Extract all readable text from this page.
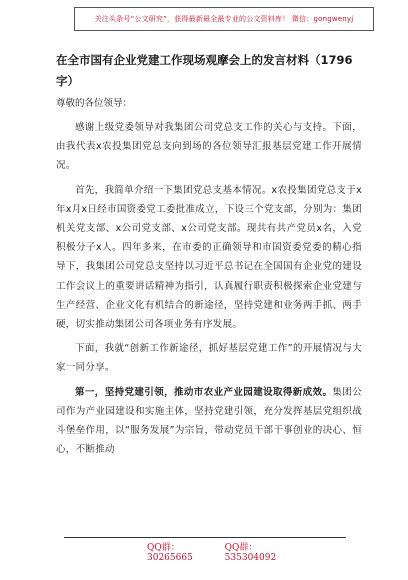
关注头条号“公文研究”，获得最新最全最专业的公文资料库！ 微信：gongwenyj

在全市国有企业党建工作现场观摩会上的发言材料（1796字）

尊敬的各位领导：

感谢上级党委领导对我集团公司党总支工作的关心与支持。下面，由我代表x农投集团党总支向到场的各位领导汇报基层党建工作开展情况。

首先，我简单介绍一下集团党总支基本情况。x农投集团党总支于x年x月x日经市国资委党工委批准成立，下设三个党支部，分别为：集团机关党支部、x公司党支部、x公司党支部。现共有共产党员x名，入党积极分子x人。四年多来，在市委的正确领导和市国资委党委的精心指导下，我集团公司党总支坚持以习近平总书记在全国国有企业党的建设工作会议上的重要讲话精神为指引，认真履行职责积极探索企业党建与生产经营、企业文化有机结合的新途径，坚持党建和业务两手抓、两手硬，切实推动集团公司各项业务有序发展。

下面，我就“创新工作新途径，抓好基层党建工作”的开展情况与大家一同分享。

第一，坚持党建引领，推动市农业产业园建设取得新成效。集团公司作为产业园建设和实施主体，坚持党建引领，充分发挥基层党组织战斗堡垒作用，以“服务发展”为宗旨，带动党员干部干事创业的决心、恒心，不断推动

QQ群：30265665
QQ群：535304092
